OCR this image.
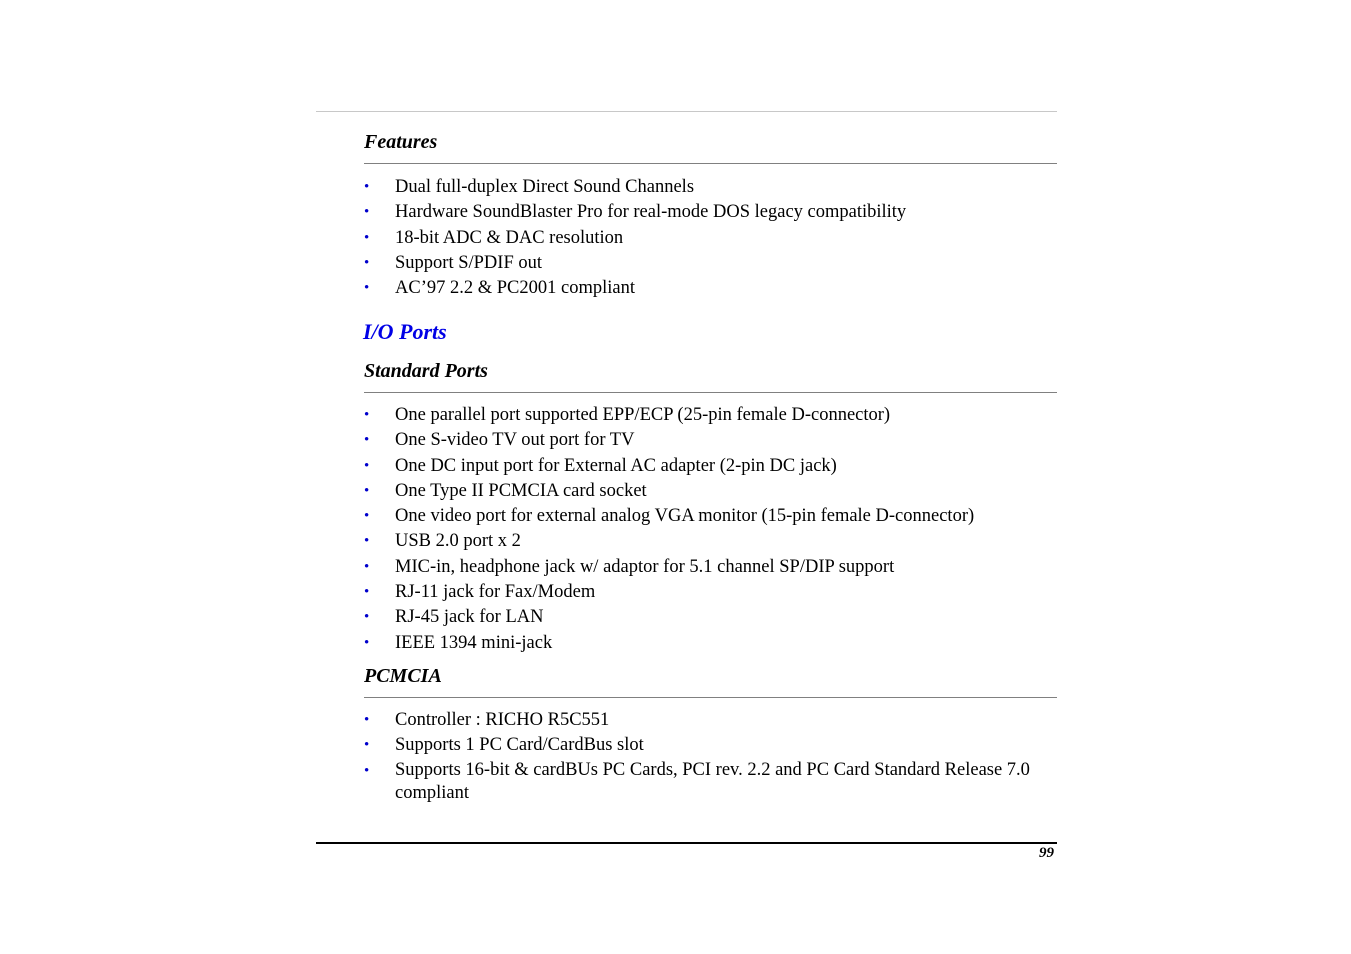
Features
• Dual full-duplex Direct Sound Channels
• Hardware SoundBlaster Pro for real-mode DOS legacy compatibility
• 18-bit ADC & DAC resolution
• Support S/PDIF out
• AC’97 2.2 & PC2001 compliant
I/O Ports
Standard Ports
• One parallel port supported EPP/ECP (25-pin female D-connector)
• One S-video TV out port for TV
• One DC input port for External AC adapter (2-pin DC jack)
• One Type II PCMCIA card socket
• One video port for external analog VGA monitor (15-pin female D-connector)
• USB 2.0 port x 2
• MIC-in, headphone jack w/ adaptor for 5.1 channel SP/DIP support
• RJ-11 jack for Fax/Modem
• RJ-45 jack for LAN
• IEEE 1394 mini-jack
PCMCIA
• Controller : RICHO R5C551
• Supports 1 PC Card/CardBus slot
• Supports 16-bit & cardBUs PC Cards, PCI rev. 2.2 and PC Card Standard Release 7.0 compliant
99
